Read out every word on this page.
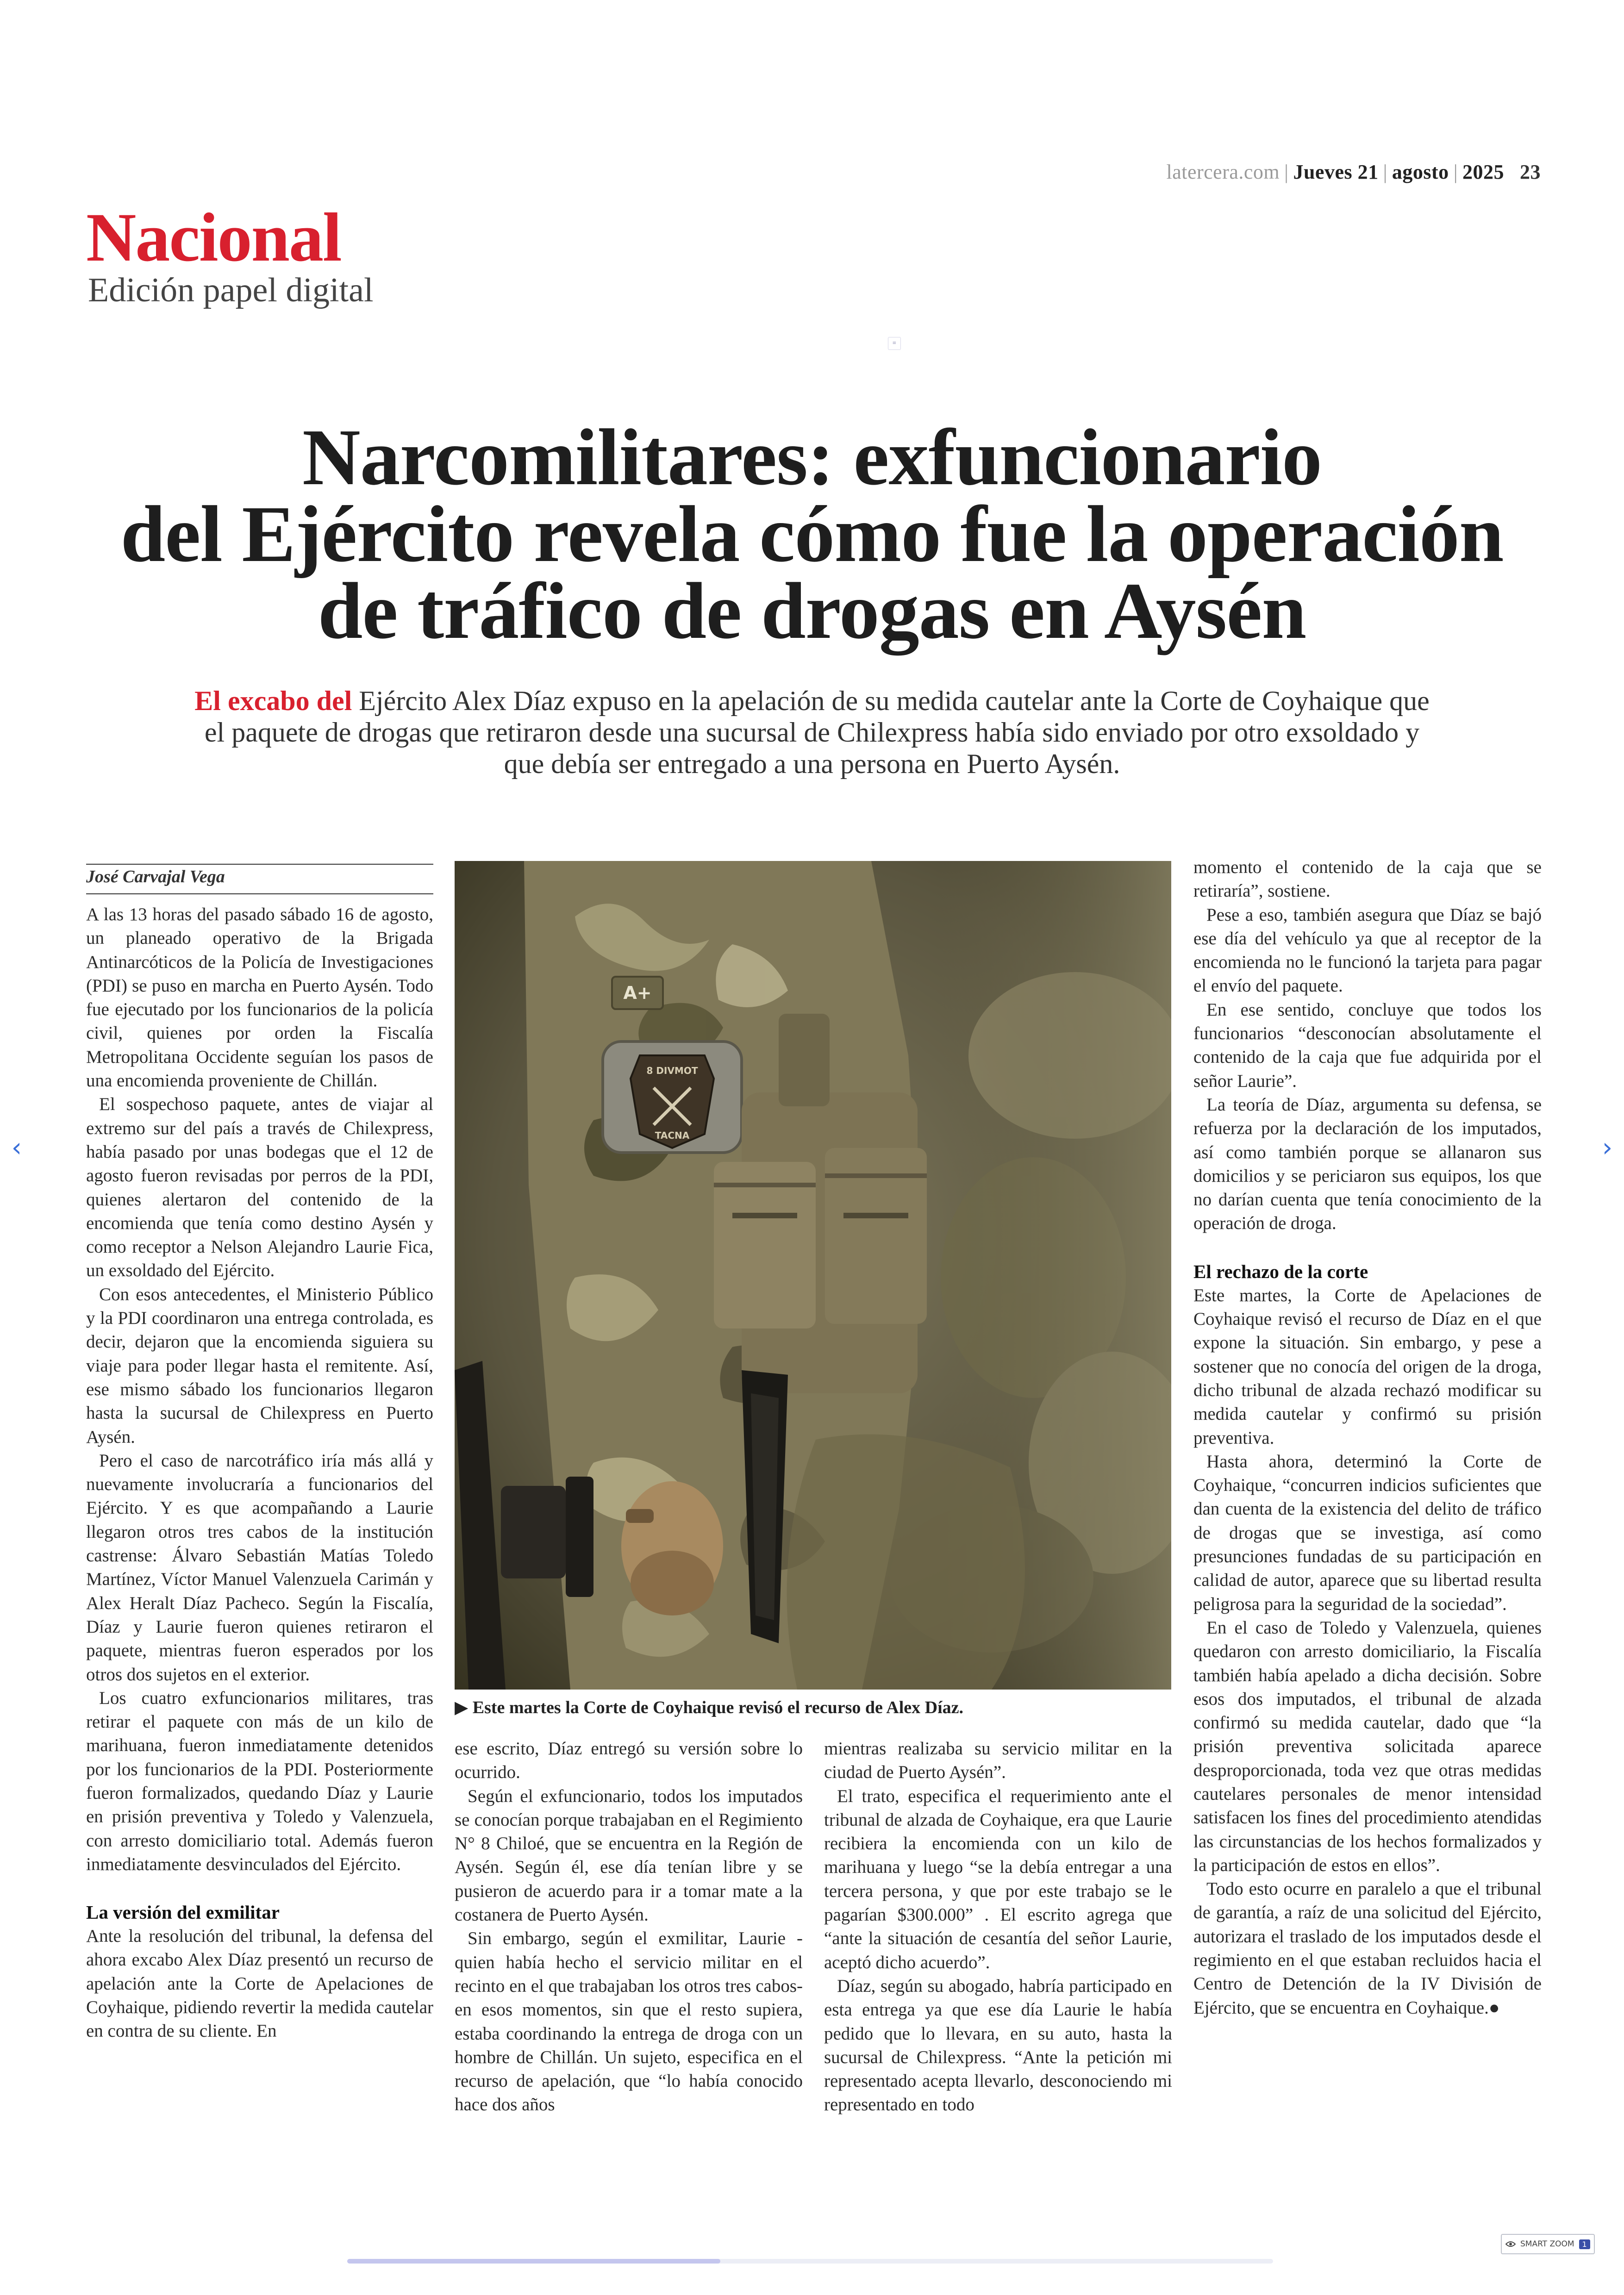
latercera.com | Jueves 21 | agosto | 2025 23
Nacional
Edición papel digital
≡
Narcomilitares: exfuncionario
del Ejército revela cómo fue la operación
de tráfico de drogas en Aysén
El excabo del Ejército Alex Díaz expuso en la apelación de su medida cautelar ante la Corte de Coyhaique que el paquete de drogas que retiraron desde una sucursal de Chilexpress había sido enviado por otro exsoldado y que debía ser entregado a una persona en Puerto Aysén.
José Carvajal Vega

A las 13 horas del pasado sábado 16 de agosto, un planeado operativo de la Brigada Antinarcóticos de la Policía de Investigaciones (PDI) se puso en marcha en Puerto Aysén. Todo fue ejecutado por los funcionarios de la policía civil, quienes por orden la Fiscalía Metropolitana Occidente seguían los pasos de una encomienda proveniente de Chillán.

El sospechoso paquete, antes de viajar al extremo sur del país a través de Chilexpress, había pasado por unas bodegas que el 12 de agosto fueron revisadas por perros de la PDI, quienes alertaron del contenido de la encomienda que tenía como destino Aysén y como receptor a Nelson Alejandro Laurie Fica, un exsoldado del Ejército.

Con esos antecedentes, el Ministerio Público y la PDI coordinaron una entrega controlada, es decir, dejaron que la encomienda siguiera su viaje para poder llegar hasta el remitente. Así, ese mismo sábado los funcionarios llegaron hasta la sucursal de Chilexpress en Puerto Aysén.

Pero el caso de narcotráfico iría más allá y nuevamente involucraría a funcionarios del Ejército. Y es que acompañando a Laurie llegaron otros tres cabos de la institución castrense: Álvaro Sebastián Matías Toledo Martínez, Víctor Manuel Valenzuela Carimán y Alex Heralt Díaz Pacheco. Según la Fiscalía, Díaz y Laurie fueron quienes retiraron el paquete, mientras fueron esperados por los otros dos sujetos en el exterior.

Los cuatro exfuncionarios militares, tras retirar el paquete con más de un kilo de marihuana, fueron inmediatamente detenidos por los funcionarios de la PDI. Posteriormente fueron formalizados, quedando Díaz y Laurie en prisión preventiva y Toledo y Valenzuela, con arresto domiciliario total. Además fueron inmediatamente desvinculados del Ejército.

La versión del exmilitar

Ante la resolución del tribunal, la defensa del ahora excabo Alex Díaz presentó un recurso de apelación ante la Corte de Apelaciones de Coyhaique, pidiendo revertir la medida cautelar en contra de su cliente. En

A+
8 DIVMOT
TACNA
▶ Este martes la Corte de Coyhaique revisó el recurso de Alex Díaz.

ese escrito, Díaz entregó su versión sobre lo ocurrido.

Según el exfuncionario, todos los imputados se conocían porque trabajaban en el Regimiento N° 8 Chiloé, que se encuentra en la Región de Aysén. Según él, ese día tenían libre y se pusieron de acuerdo para ir a tomar mate a la costanera de Puerto Aysén.

Sin embargo, según el exmilitar, Laurie -quien había hecho el servicio militar en el recinto en el que trabajaban los otros tres cabos- en esos momentos, sin que el resto supiera, estaba coordinando la entrega de droga con un hombre de Chillán. Un sujeto, especifica en el recurso de apelación, que “lo había conocido hace dos años

mientras realizaba su servicio militar en la ciudad de Puerto Aysén”.

El trato, especifica el requerimiento ante el tribunal de alzada de Coyhaique, era que Laurie recibiera la encomienda con un kilo de marihuana y luego “se la debía entregar a una tercera persona, y que por este trabajo se le pagarían $300.000” . El escrito agrega que “ante la situación de cesantía del señor Laurie, aceptó dicho acuerdo”.

Díaz, según su abogado, habría participado en esta entrega ya que ese día Laurie le había pedido que lo llevara, en su auto, hasta la sucursal de Chilexpress. “Ante la petición mi representado acepta llevarlo, desconociendo mi representado en todo

momento el contenido de la caja que se retiraría”, sostiene.

Pese a eso, también asegura que Díaz se bajó ese día del vehículo ya que al receptor de la encomienda no le funcionó la tarjeta para pagar el envío del paquete.

En ese sentido, concluye que todos los funcionarios “desconocían absolutamente el contenido de la caja que fue adquirida por el señor Laurie”.

La teoría de Díaz, argumenta su defensa, se refuerza por la declaración de los imputados, así como también porque se allanaron sus domicilios y se periciaron sus equipos, los que no darían cuenta que tenía conocimiento de la operación de droga.

El rechazo de la corte

Este martes, la Corte de Apelaciones de Coyhaique revisó el recurso de Díaz en el que expone la situación. Sin embargo, y pese a sostener que no conocía del origen de la droga, dicho tribunal de alzada rechazó modificar su medida cautelar y confirmó su prisión preventiva.

Hasta ahora, determinó la Corte de Coyhaique, “concurren indicios suficientes que dan cuenta de la existencia del delito de tráfico de drogas que se investiga, así como presunciones fundadas de su participación en calidad de autor, aparece que su libertad resulta peligrosa para la seguridad de la sociedad”.

En el caso de Toledo y Valenzuela, quienes quedaron con arresto domiciliario, la Fiscalía también había apelado a dicha decisión. Sobre esos dos imputados, el tribunal de alzada confirmó su medida cautelar, dado que “la prisión preventiva solicitada aparece desproporcionada, toda vez que otras medidas cautelares personales de menor intensidad satisfacen los fines del procedimiento atendidas las circunstancias de los hechos formalizados y la participación de estos en ellos”.

Todo esto ocurre en paralelo a que el tribunal de garantía, a raíz de una solicitud del Ejército, autorizara el traslado de los imputados desde el regimiento en el que estaban recluidos hacia el Centro de Detención de la IV División de Ejército, que se encuentra en Coyhaique.●

‹	›
SMART ZOOM	1
